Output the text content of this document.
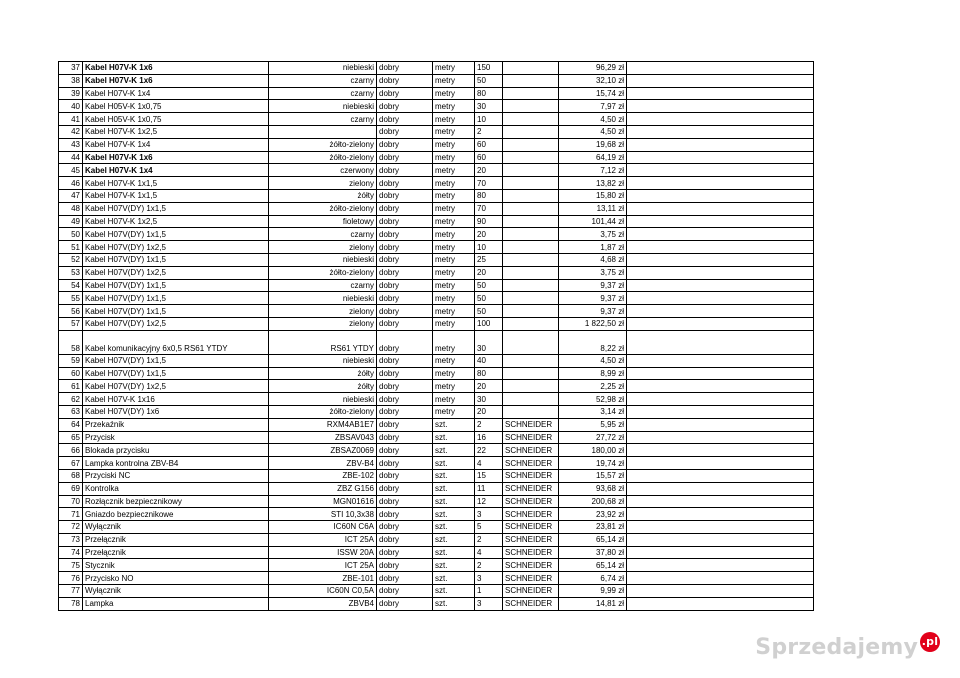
37	Kabel H07V-K 1x6	niebieski	dobry	metry	150		96,29 zł	
38	Kabel H07V-K 1x6	czarny	dobry	metry	50		32,10 zł	
39	Kabel H07V-K 1x4	czarny	dobry	metry	80		15,74 zł	
40	Kabel H05V-K 1x0,75	niebieski	dobry	metry	30		7,97 zł	
41	Kabel H05V-K 1x0,75	czarny	dobry	metry	10		4,50 zł	
42	Kabel H07V-K 1x2,5		dobry	metry	2		4,50 zł	
43	Kabel H07V-K 1x4	żółto-zielony	dobry	metry	60		19,68 zł	
44	Kabel H07V-K 1x6	żółto-zielony	dobry	metry	60		64,19 zł	
45	Kabel H07V-K 1x4	czerwony	dobry	metry	20		7,12 zł	
46	Kabel H07V-K 1x1,5	zielony	dobry	metry	70		13,82 zł	
47	Kabel H07V-K 1x1,5	żółty	dobry	metry	80		15,80 zł	
48	Kabel H07V(DY) 1x1,5	żółto-zielony	dobry	metry	70		13,11 zł	
49	Kabel H07V-K 1x2,5	fioletowy	dobry	metry	90		101,44 zł	
50	Kabel H07V(DY) 1x1,5	czarny	dobry	metry	20		3,75 zł	
51	Kabel H07V(DY) 1x2,5	zielony	dobry	metry	10		1,87 zł	
52	Kabel H07V(DY) 1x1,5	niebieski	dobry	metry	25		4,68 zł	
53	Kabel H07V(DY) 1x2,5	żółto-zielony	dobry	metry	20		3,75 zł	
54	Kabel H07V(DY) 1x1,5	czarny	dobry	metry	50		9,37 zł	
55	Kabel H07V(DY) 1x1,5	niebieski	dobry	metry	50		9,37 zł	
56	Kabel H07V(DY) 1x1,5	zielony	dobry	metry	50		9,37 zł	
57	Kabel H07V(DY) 1x2,5	zielony	dobry	metry	100		1 822,50 zł	
58	Kabel komunikacyjny 6x0,5 RS61 YTDY	RS61 YTDY	dobry	metry	30		8,22 zł	
59	Kabel H07V(DY) 1x1,5	niebieski	dobry	metry	40		4,50 zł	
60	Kabel H07V(DY) 1x1,5	żółty	dobry	metry	80		8,99 zł	
61	Kabel H07V(DY) 1x2,5	żółty	dobry	metry	20		2,25 zł	
62	Kabel H07V-K 1x16	niebieski	dobry	metry	30		52,98 zł	
63	Kabel H07V(DY) 1x6	żółto-zielony	dobry	metry	20		3,14 zł	
64	Przekaźnik	RXM4AB1E7	dobry	szt.	2	SCHNEIDER	5,95 zł	
65	Przycisk	ZBSAV043	dobry	szt.	16	SCHNEIDER	27,72 zł	
66	Blokada przycisku	ZBSAZ0069	dobry	szt.	22	SCHNEIDER	180,00 zł	
67	Lampka kontrolna ZBV-B4	ZBV-B4	dobry	szt.	4	SCHNEIDER	19,74 zł	
68	Przyciski NC	ZBE-102	dobry	szt.	15	SCHNEIDER	15,57 zł	
69	Kontrolka	ZBZ G156	dobry	szt.	11	SCHNEIDER	93,68 zł	
70	Rozłącznik bezpiecznikowy	MGN01616	dobry	szt.	12	SCHNEIDER	200,68 zł	
71	Gniazdo bezpiecznikowe	STI 10,3x38	dobry	szt.	3	SCHNEIDER	23,92 zł	
72	Wyłącznik	IC60N C6A	dobry	szt.	5	SCHNEIDER	23,81 zł	
73	Przełącznik	ICT 25A	dobry	szt.	2	SCHNEIDER	65,14 zł	
74	Przełącznik	ISSW 20A	dobry	szt.	4	SCHNEIDER	37,80 zł	
75	Stycznik	ICT 25A	dobry	szt.	2	SCHNEIDER	65,14 zł	
76	Przycisko NO	ZBE-101	dobry	szt.	3	SCHNEIDER	6,74 zł	
77	Wyłącznik	IC60N C0,5A	dobry	szt.	1	SCHNEIDER	9,99 zł	
78	Lampka	ZBVB4	dobry	szt.	3	SCHNEIDER	14,81 zł	
Sprzedajemy .pl
